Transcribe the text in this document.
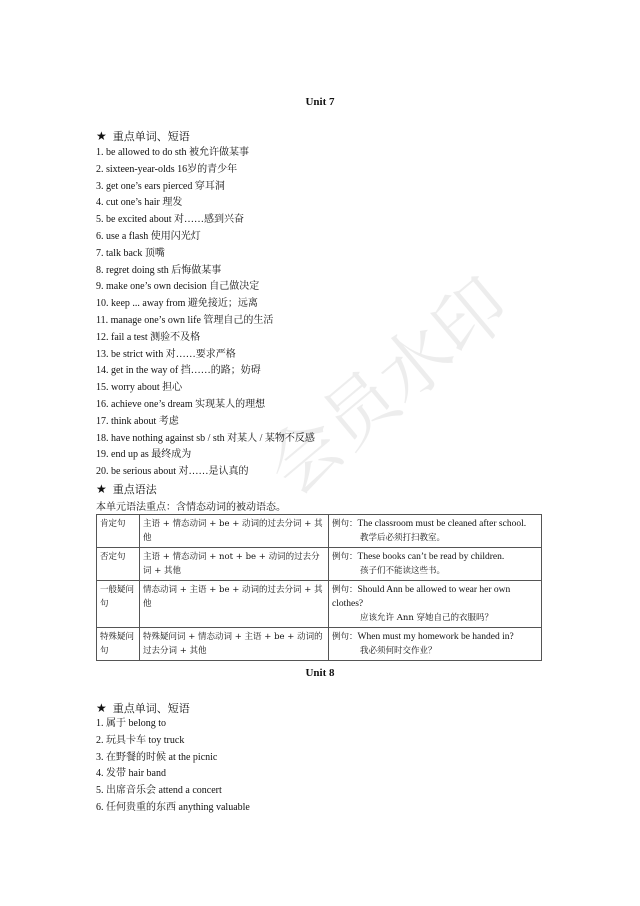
会员水印
Unit 7
★ 重点单词、短语
1. be allowed to do sth 被允许做某事
2. sixteen-year-olds 16岁的青少年
3. get one’s ears pierced 穿耳洞
4. cut one’s hair 理发
5. be excited about 对……感到兴奋
6. use a flash 使用闪光灯
7. talk back 顶嘴
8. regret doing sth 后悔做某事
9. make one’s own decision 自己做决定
10. keep ... away from 避免接近；远离
11. manage one’s own life 管理自己的生活
12. fail a test 测验不及格
13. be strict with 对……要求严格
14. get in the way of 挡……的路；妨碍
15. worry about 担心
16. achieve one’s dream 实现某人的理想
17. think about 考虑
18. have nothing against sb / sth 对某人 / 某物不反感
19. end up as 最终成为
20. be serious about 对……是认真的
★ 重点语法
本单元语法重点：含情态动词的被动语态。
肯定句	主语 + 情态动词 + be + 动词的过去分词 + 其他	例句：The classroom must be cleaned after school.
教学后必须打扫教室。

否定句	主语 + 情态动词 + not + be + 动词的过去分词 + 其他	例句：These books can’t be read by children.
孩子们不能读这些书。

一般疑问句	情态动词 + 主语 + be + 动词的过去分词 + 其他	例句：Should Ann be allowed to wear her own clothes?
应该允许 Ann 穿她自己的衣服吗？

特殊疑问句	特殊疑问词 + 情态动词 + 主语 + be + 动词的过去分词 + 其他	例句：When must my homework be handed in?
我必须何时交作业？
Unit 8
★ 重点单词、短语
1. 属于 belong to
2. 玩具卡车 toy truck
3. 在野餐的时候 at the picnic
4. 发带 hair band
5. 出席音乐会 attend a concert
6. 任何贵重的东西 anything valuable
